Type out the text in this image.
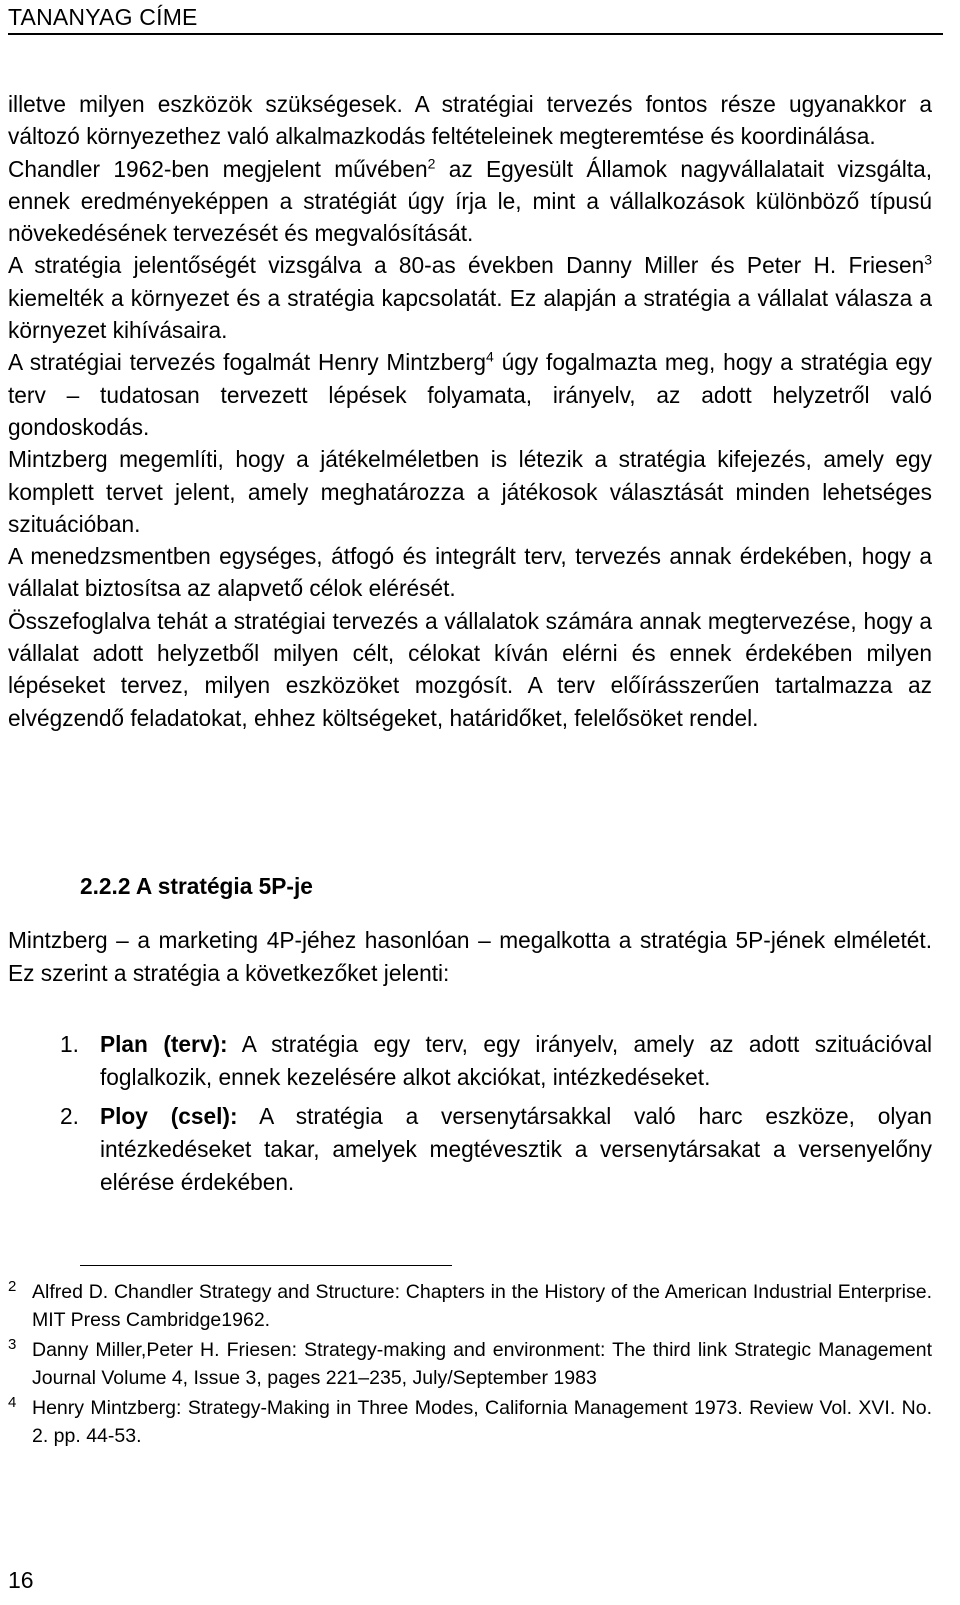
TANANYAG CÍME

illetve milyen eszközök szükségesek. A stratégiai tervezés fontos része ugyanakkor a változó környezethez való alkalmazkodás feltételeinek megteremtése és koordinálása.

Chandler 1962-ben megjelent művében$^2$ az Egyesült Államok nagyvállalatait vizsgálta, ennek eredményeképpen a stratégiát úgy írja le, mint a vállalkozások különböző típusú növekedésének tervezését és megvalósítását.

A stratégia jelentőségét vizsgálva a 80-as években Danny Miller és Peter H. Friesen$^3$ kiemelték a környezet és a stratégia kapcsolatát. Ez alapján a stratégia a vállalat válasza a környezet kihívásaira.

A stratégiai tervezés fogalmát Henry Mintzberg$^4$ úgy fogalmazta meg, hogy a stratégia egy terv – tudatosan tervezett lépések folyamata, irányelv, az adott helyzetről való gondoskodás.

Mintzberg megemlíti, hogy a játékelméletben is létezik a stratégia kifejezés, amely egy komplett tervet jelent, amely meghatározza a játékosok választását minden lehetséges szituációban.

A menedzsmentben egységes, átfogó és integrált terv, tervezés annak érdekében, hogy a vállalat biztosítsa az alapvető célok elérését.

Összefoglalva tehát a stratégiai tervezés a vállalatok számára annak megtervezése, hogy a vállalat adott helyzetből milyen célt, célokat kíván elérni és ennek érdekében milyen lépéseket tervez, milyen eszközöket mozgósít. A terv előírásszerűen tartalmazza az elvégzendő feladatokat, ehhez költségeket, határidőket, felelősöket rendel.

2.2.2 A stratégia 5P-je

Mintzberg – a marketing 4P-jéhez hasonlóan – megalkotta a stratégia 5P-jének elméletét. Ez szerint a stratégia a következőket jelenti:

1. Plan (terv): A stratégia egy terv, egy irányelv, amely az adott szituációval foglalkozik, ennek kezelésére alkot akciókat, intézkedéseket.
2. Ploy (csel): A stratégia a versenytársakkal való harc eszköze, olyan intézkedéseket takar, amelyek megtévesztik a versenytársakat a versenyelőny elérése érdekében.
2 Alfred D. Chandler Strategy and Structure: Chapters in the History of the American Industrial Enterprise. MIT Press Cambridge1962.
3 Danny Miller,Peter H. Friesen: Strategy-making and environment: The third link Strategic Management Journal Volume 4, Issue 3, pages 221–235, July/September 1983
4 Henry Mintzberg: Strategy-Making in Three Modes, California Management 1973. Review Vol. XVI. No. 2. pp. 44-53.
16
